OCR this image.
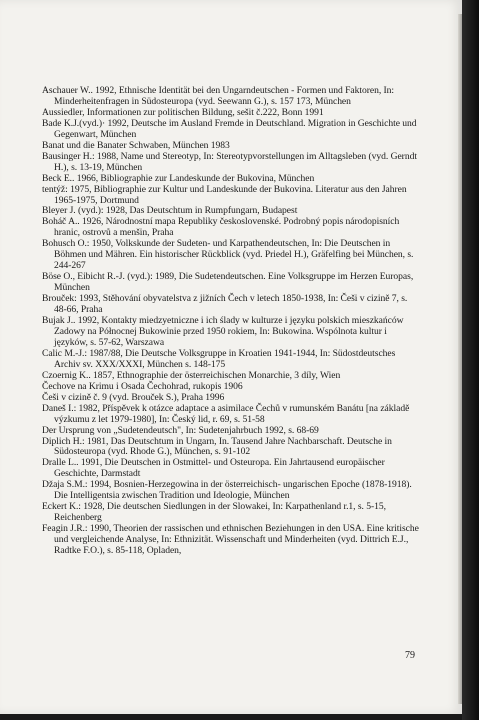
Aschauer W.. 1992, Ethnische Identität bei den Ungarndeutschen - Formen und Faktoren, In: Minderheitenfragen in Südosteuropa (vyd. Seewann G.), s. 157 173, München

Aussiedler, Informationen zur politischen Bildung, sešit č.222, Bonn 1991

Bade K.J.(vyd.)· 1992, Deutsche im Ausland Fremde in Deutschland. Migration in Geschichte und Gegenwart, München

Banat und die Banater Schwaben, München 1983

Bausinger H.: 1988, Name und Stereotyp, In: Stereotypvorstellungen im Alltagsleben (vyd. Gerndt H.), s. 13-19, München

Beck E.. 1966, Bibliographie zur Landeskunde der Bukovina, München

tentýž: 1975, Bibliographie zur Kultur und Landeskunde der Bukovina. Literatur aus den Jahren 1965-1975, Dortmund

Bleyer J. (vyd.): 1928, Das Deutschtum in Rumpfungarn, Budapest

Boháč A.. 1926, Národnostní mapa Republiky československé. Podrobný popis národopisních hranic, ostrovů a menšin, Praha

Bohusch O.: 1950, Volkskunde der Sudeten- und Karpathendeutschen, In: Die Deutschen in Böhmen und Mähren. Ein historischer Rückblick (vyd. Priedel H.), Gräfelfing bei München, s. 244-267

Böse O., Eibicht R.-J. (vyd.): 1989, Die Sudetendeutschen. Eine Volksgruppe im Herzen Europas, München

Brouček: 1993, Stěhování obyvatelstva z jižních Čech v letech 1850-1938, In: Češi v cizině 7, s. 48-66, Praha

Bujak J.. 1992, Kontakty miedzyetniczne i ich ślady w kulturze i języku polskich mieszkańców Zadowy na Północnej Bukowinie przed 1950 rokiem, In: Bukowina. Wspólnota kultur i języków, s. 57-62, Warszawa

Calic M.-J.: 1987/88, Die Deutsche Volksgruppe in Kroatien 1941-1944, In: Südostdeutsches Archiv sv. XXX/XXXI, München s. 148-175

Czoernig K.. 1857, Ethnographie der österreichischen Monarchie, 3 díly, Wien

Čechove na Krimu i Osada Čechohrad, rukopis 1906

Češi v cizině č. 9 (vyd. Brouček S.), Praha 1996

Daneš I.: 1982, Příspěvek k otázce adaptace a asimilace Čechů v rumunském Banátu [na základě výzkumu z let 1979-1980], In: Český lid, r. 69, s. 51-58

Der Ursprung von „Sudetendeutsch", In: Sudetenjahrbuch 1992, s. 68-69

Diplich H.: 1981, Das Deutschtum in Ungarn, In. Tausend Jahre Nachbarschaft. Deutsche in Südosteuropa (vyd. Rhode G.), München, s. 91-102

Dralle L.. 1991, Die Deutschen in Ostmittel- und Osteuropa. Ein Jahrtausend europäischer Geschichte, Darmstadt

Džaja S.M.: 1994, Bosnien-Herzegowina in der österreichisch- ungarischen Epoche (1878-1918). Die Intelligentsia zwischen Tradition und Ideologie, München

Eckert K.: 1928, Die deutschen Siedlungen in der Slowakei, In: Karpathenland r.1, s. 5-15, Reichenberg

Feagin J.R.: 1990, Theorien der rassischen und ethnischen Beziehungen in den USA. Eine kritische und vergleichende Analyse, In: Ethnizität. Wissenschaft und Minderheiten (vyd. Dittrich E.J., Radtke F.O.), s. 85-118, Opladen,

79
